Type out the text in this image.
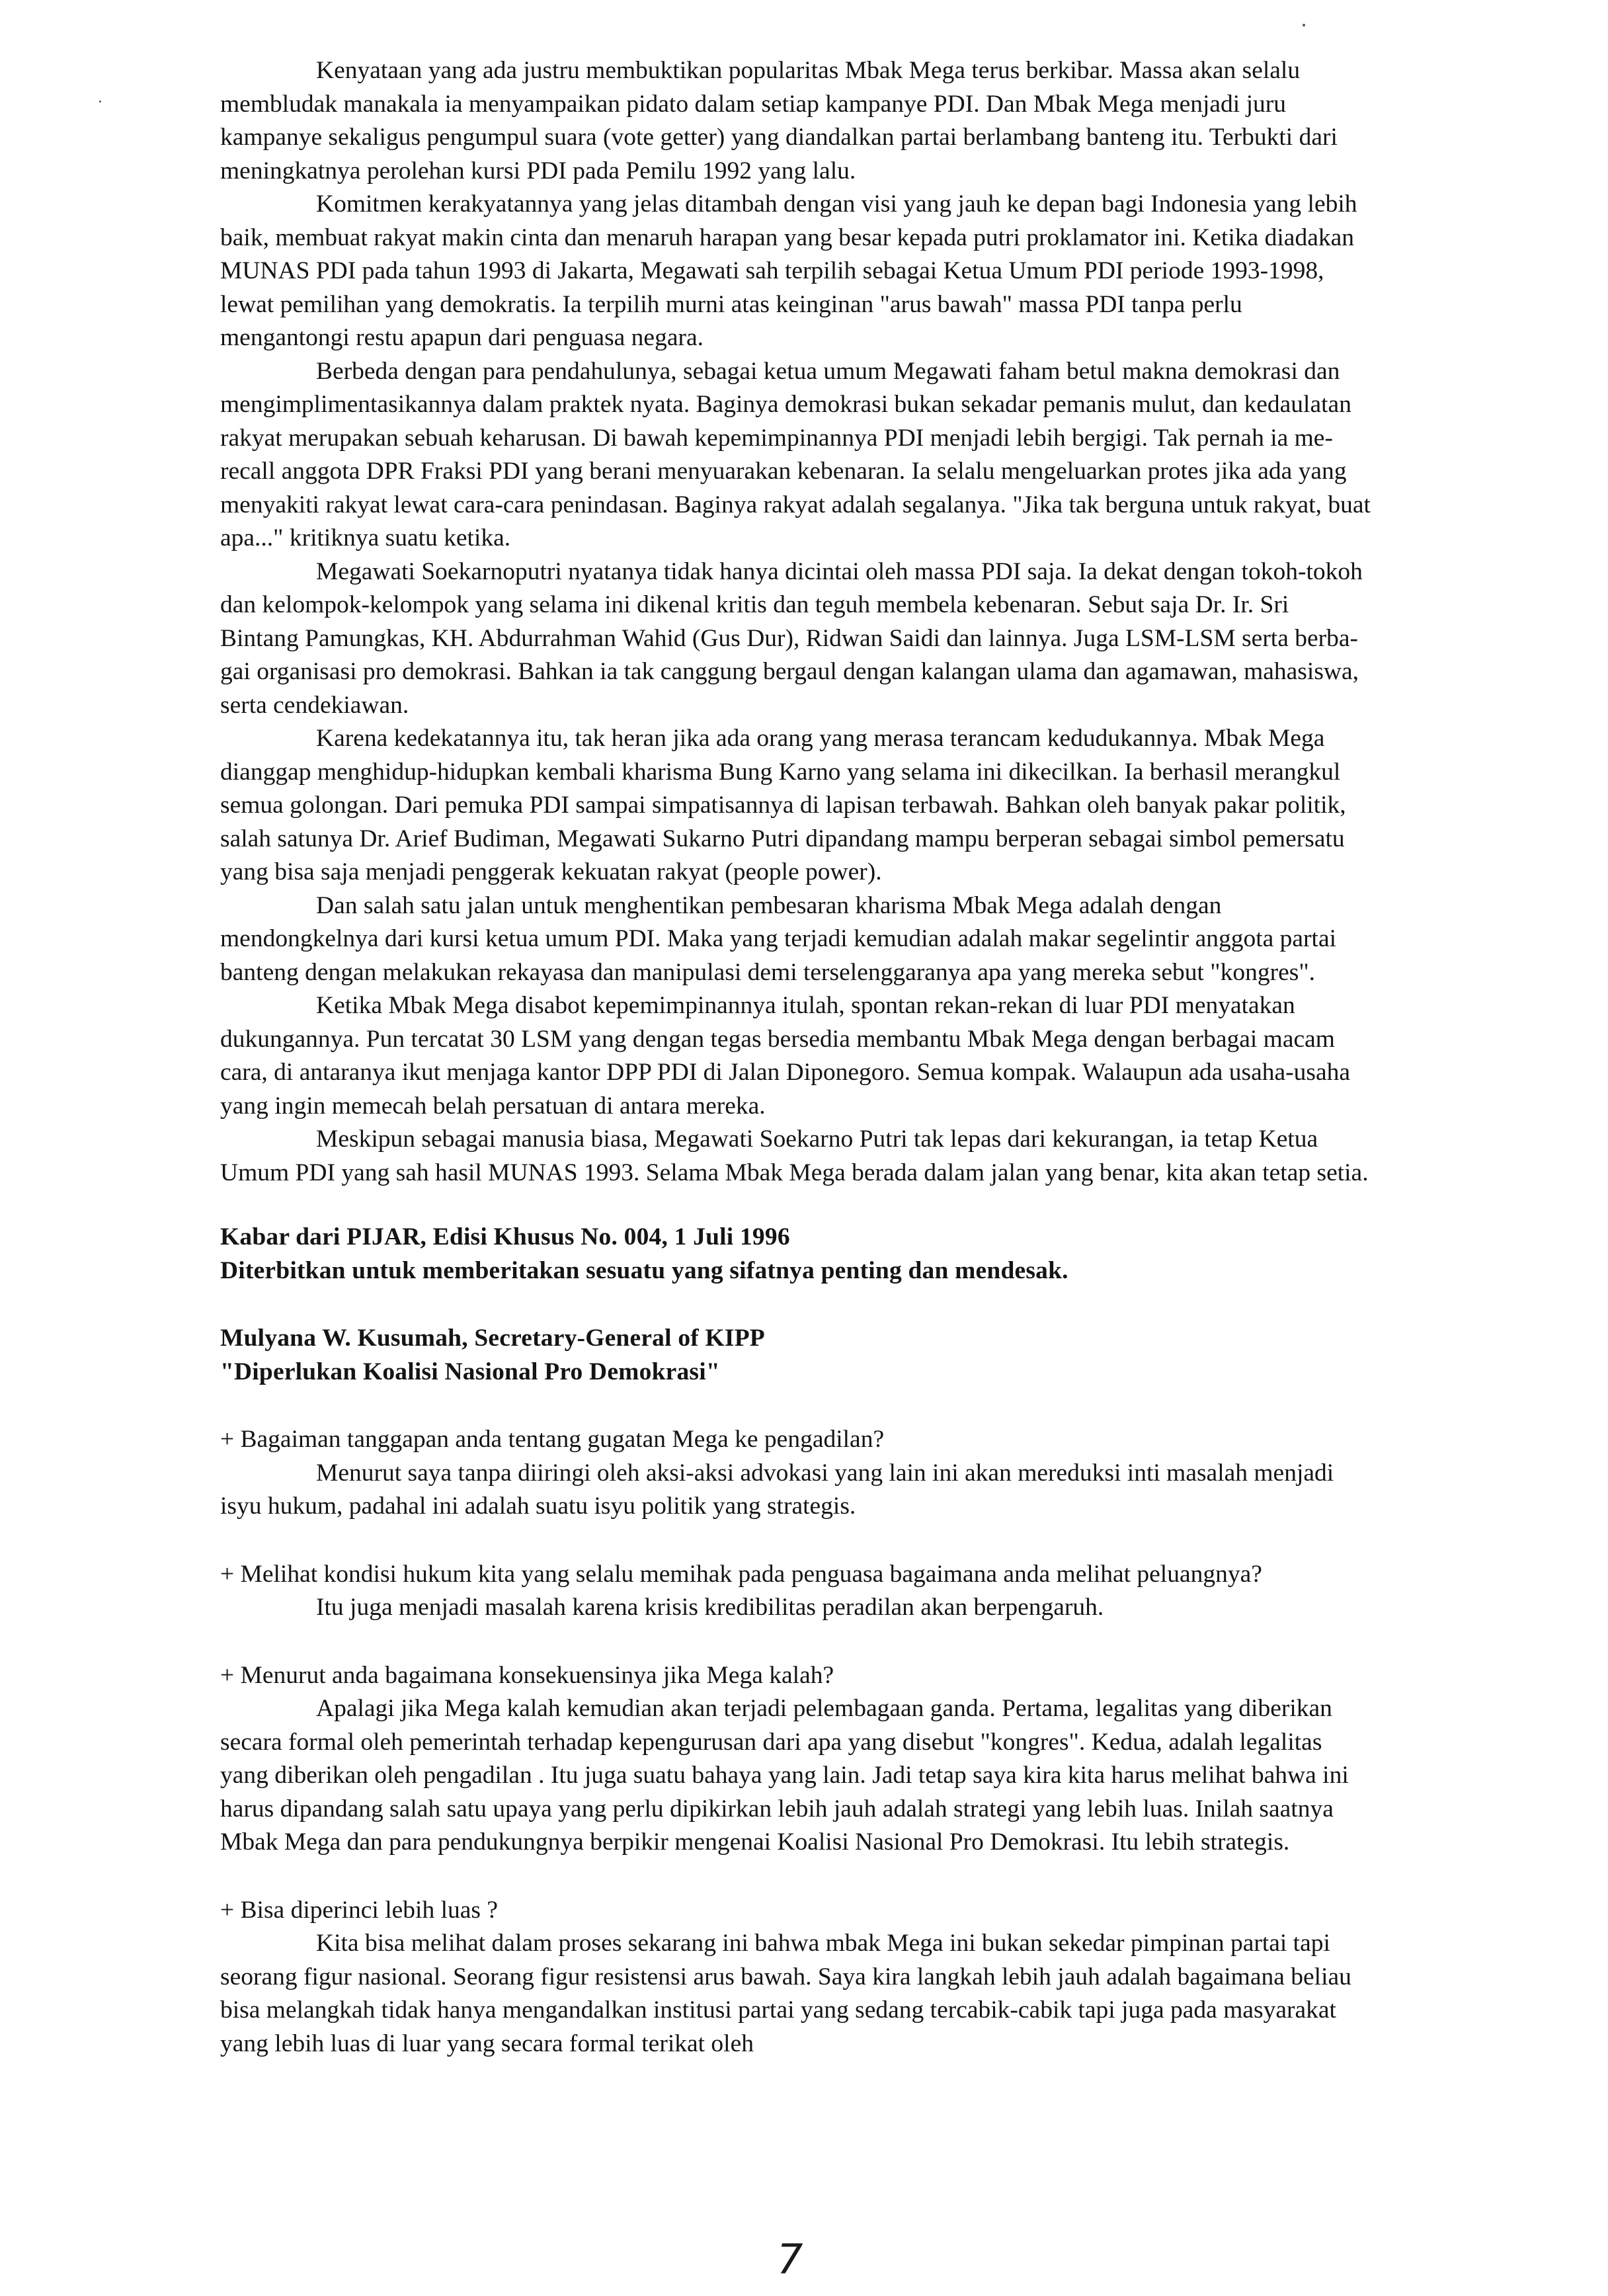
Kenyataan yang ada justru membuktikan popularitas Mbak Mega terus berkibar. Massa akan selalu membludak manakala ia menyampaikan pidato dalam setiap kampanye PDI. Dan Mbak Mega menjadi juru kampanye sekaligus pengumpul suara (vote getter) yang diandalkan partai berlambang banteng itu. Terbukti dari meningkatnya perolehan kursi PDI pada Pemilu 1992 yang lalu.

Komitmen kerakyatannya yang jelas ditambah dengan visi yang jauh ke depan bagi Indonesia yang lebih baik, membuat rakyat makin cinta dan menaruh harapan yang besar kepada putri proklamator ini. Ketika diadakan MUNAS PDI pada tahun 1993 di Jakarta, Megawati sah terpilih sebagai Ketua Umum PDI periode 1993-1998, lewat pemilihan yang demokratis. Ia terpilih murni atas keinginan "arus bawah" massa PDI tanpa perlu mengantongi restu apapun dari penguasa negara.

Berbeda dengan para pendahulunya, sebagai ketua umum Megawati faham betul makna demokrasi dan mengimplimentasikannya dalam praktek nyata. Baginya demokrasi bukan sekadar pemanis mulut, dan kedaulatan rakyat merupakan sebuah keharusan. Di bawah kepemimpinannya PDI menjadi lebih bergigi. Tak pernah ia me-recall anggota DPR Fraksi PDI yang berani menyuarakan kebenaran. Ia selalu mengeluarkan protes jika ada yang menyakiti rakyat lewat cara-cara penindasan. Baginya rakyat adalah segalanya. "Jika tak berguna untuk rakyat, buat apa..." kritiknya suatu ketika.

Megawati Soekarnoputri nyatanya tidak hanya dicintai oleh massa PDI saja. Ia dekat dengan tokoh-tokoh dan kelompok-kelompok yang selama ini dikenal kritis dan teguh membela kebenaran. Sebut saja Dr. Ir. Sri Bintang Pamungkas, KH. Abdurrahman Wahid (Gus Dur), Ridwan Saidi dan lainnya. Juga LSM-LSM serta berba-gai organisasi pro demokrasi. Bahkan ia tak canggung bergaul dengan kalangan ulama dan agamawan, mahasiswa, serta cendekiawan.

Karena kedekatannya itu, tak heran jika ada orang yang merasa terancam kedudukannya. Mbak Mega dianggap menghidup-hidupkan kembali kharisma Bung Karno yang selama ini dikecilkan. Ia berhasil merangkul semua golongan. Dari pemuka PDI sampai simpatisannya di lapisan terbawah. Bahkan oleh banyak pakar politik, salah satunya Dr. Arief Budiman, Megawati Sukarno Putri dipandang mampu berperan sebagai simbol pemersatu yang bisa saja menjadi penggerak kekuatan rakyat (people power).

Dan salah satu jalan untuk menghentikan pembesaran kharisma Mbak Mega adalah dengan mendongkelnya dari kursi ketua umum PDI. Maka yang terjadi kemudian adalah makar segelintir anggota partai banteng dengan melakukan rekayasa dan manipulasi demi terselenggaranya apa yang mereka sebut "kongres".

Ketika Mbak Mega disabot kepemimpinannya itulah, spontan rekan-rekan di luar PDI menyatakan dukungannya. Pun tercatat 30 LSM yang dengan tegas bersedia membantu Mbak Mega dengan berbagai macam cara, di antaranya ikut menjaga kantor DPP PDI di Jalan Diponegoro. Semua kompak. Walaupun ada usaha-usaha yang ingin memecah belah persatuan di antara mereka.

Meskipun sebagai manusia biasa, Megawati Soekarno Putri tak lepas dari kekurangan, ia tetap Ketua Umum PDI yang sah hasil MUNAS 1993. Selama Mbak Mega berada dalam jalan yang benar, kita akan tetap setia.

Kabar dari PIJAR, Edisi Khusus No. 004, 1 Juli 1996
Diterbitkan untuk memberitakan sesuatu yang sifatnya penting dan mendesak.
Mulyana W. Kusumah, Secretary-General of KIPP
"Diperlukan Koalisi Nasional Pro Demokrasi"

+ Bagaiman tanggapan anda tentang gugatan Mega ke pengadilan?

Menurut saya tanpa diiringi oleh aksi-aksi advokasi yang lain ini akan mereduksi inti masalah menjadi isyu hukum, padahal ini adalah suatu isyu politik yang strategis.

+ Melihat kondisi hukum kita yang selalu memihak pada penguasa bagaimana anda melihat peluangnya?

Itu juga menjadi masalah karena krisis kredibilitas peradilan akan berpengaruh.

+ Menurut anda bagaimana konsekuensinya jika Mega kalah?

Apalagi jika Mega kalah kemudian akan terjadi pelembagaan ganda. Pertama, legalitas yang diberikan secara formal oleh pemerintah terhadap kepengurusan dari apa yang disebut "kongres". Kedua, adalah legalitas yang diberikan oleh pengadilan . Itu juga suatu bahaya yang lain. Jadi tetap saya kira kita harus melihat bahwa ini harus dipandang salah satu upaya yang perlu dipikirkan lebih jauh adalah strategi yang lebih luas. Inilah saatnya Mbak Mega dan para pendukungnya berpikir mengenai Koalisi Nasional Pro Demokrasi. Itu lebih strategis.

+ Bisa diperinci lebih luas ?

Kita bisa melihat dalam proses sekarang ini bahwa mbak Mega ini bukan sekedar pimpinan partai tapi seorang figur nasional. Seorang figur resistensi arus bawah. Saya kira langkah lebih jauh adalah bagaimana beliau bisa melangkah tidak hanya mengandalkan institusi partai yang sedang tercabik-cabik tapi juga pada masyarakat yang lebih luas di luar yang secara formal terikat oleh

7
